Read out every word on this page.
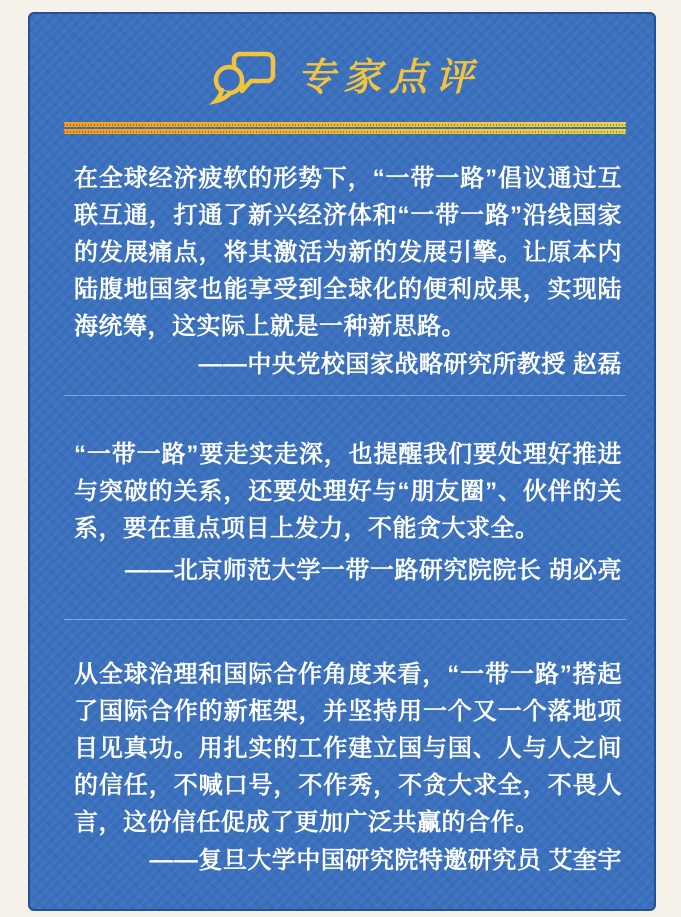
专家点评

在全球经济疲软的形势下，“一带一路”倡议通过互联互通，打通了新兴经济体和“一带一路”沿线国家的发展痛点，将其激活为新的发展引擎。让原本内陆腹地国家也能享受到全球化的便利成果，实现陆海统筹，这实际上就是一种新思路。

——中央党校国家战略研究所教授 赵磊

“一带一路”要走实走深，也提醒我们要处理好推进与突破的关系，还要处理好与“朋友圈”、伙伴的关系，要在重点项目上发力，不能贪大求全。

——北京师范大学一带一路研究院院长 胡必亮

从全球治理和国际合作角度来看，“一带一路”搭起了国际合作的新框架，并坚持用一个又一个落地项目见真功。用扎实的工作建立国与国、人与人之间的信任，不喊口号，不作秀，不贪大求全，不畏人言，这份信任促成了更加广泛共赢的合作。

——复旦大学中国研究院特邀研究员 艾奎宇
